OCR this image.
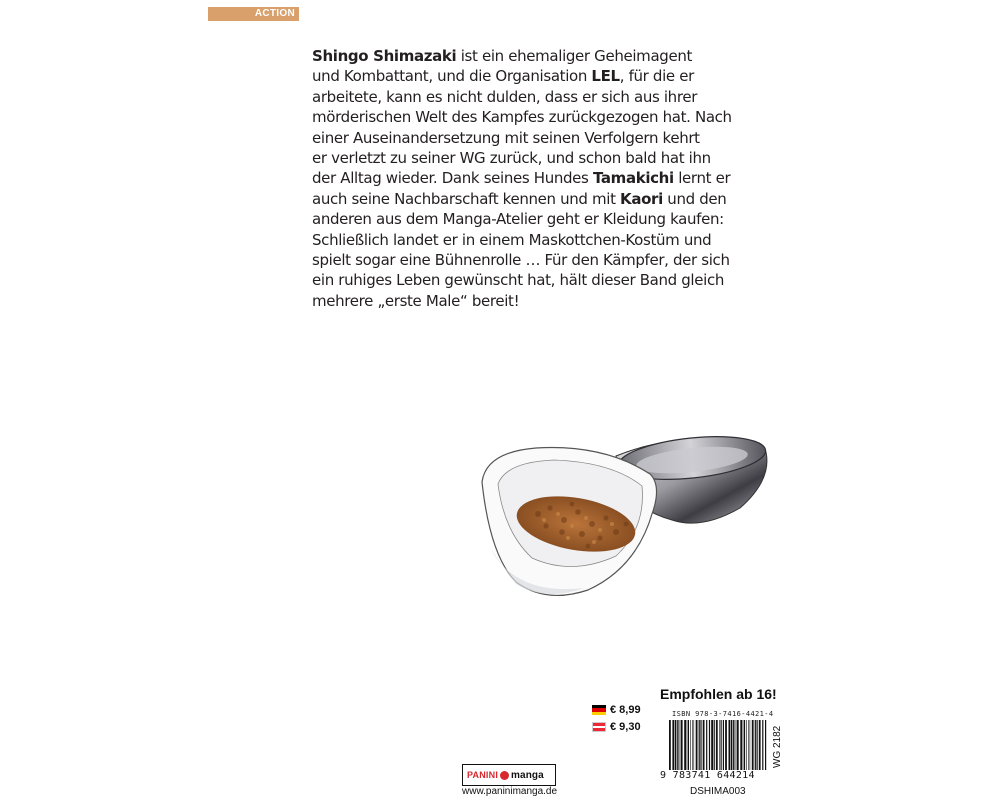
ACTION
Shingo Shimazaki ist ein ehemaliger Geheimagent
und Kombattant, und die Organisation LEL, für die er
arbeitete, kann es nicht dulden, dass er sich aus ihrer
mörderischen Welt des Kampfes zurückgezogen hat. Nach
einer Auseinandersetzung mit seinen Verfolgern kehrt
er verletzt zu seiner WG zurück, und schon bald hat ihn
der Alltag wieder. Dank seines Hundes Tamakichi lernt er
auch seine Nachbarschaft kennen und mit Kaori und den
anderen aus dem Manga-Atelier geht er Kleidung kaufen:
Schließlich landet er in einem Maskottchen-Kostüm und
spielt sogar eine Bühnenrolle … Für den Kämpfer, der sich
ein ruhiges Leben gewünscht hat, hält dieser Band gleich
mehrere „erste Male“ bereit!
Empfohlen ab 16!
€ 8,99
€ 9,30
ISBN 978-3-7416-4421-4
9 783741 644214
DSHIMA003
WG 2182
PANINI manga
www.paninimanga.de
